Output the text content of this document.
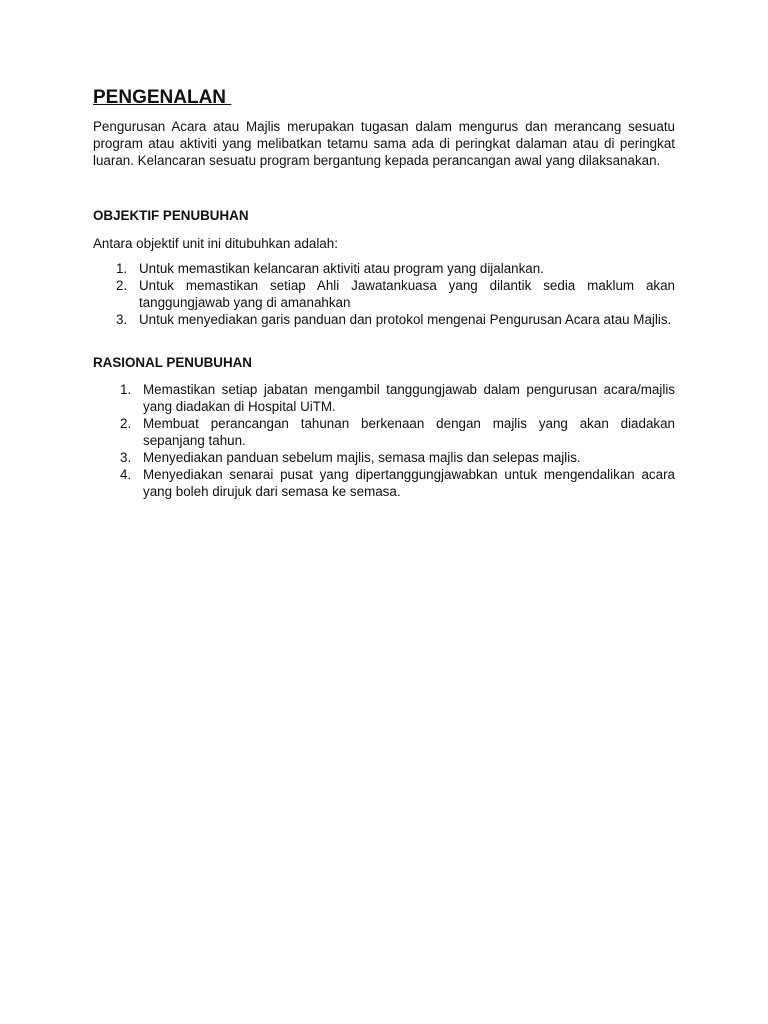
PENGENALAN

Pengurusan Acara atau Majlis merupakan tugasan dalam mengurus dan merancang sesuatu program atau aktiviti yang melibatkan tetamu sama ada di peringkat dalaman atau di peringkat luaran. Kelancaran sesuatu program bergantung kepada perancangan awal yang dilaksanakan.

OBJEKTIF PENUBUHAN
Antara objektif unit ini ditubuhkan adalah:
1. Untuk memastikan kelancaran aktiviti atau program yang dijalankan.
2. Untuk memastikan setiap Ahli Jawatankuasa yang dilantik sedia maklum akan tanggungjawab yang di amanahkan
3. Untuk menyediakan garis panduan dan protokol mengenai Pengurusan Acara atau Majlis.
RASIONAL PENUBUHAN
1. Memastikan setiap jabatan mengambil tanggungjawab dalam pengurusan acara/majlis yang diadakan di Hospital UiTM.
2. Membuat perancangan tahunan berkenaan dengan majlis yang akan diadakan sepanjang tahun.
3. Menyediakan panduan sebelum majlis, semasa majlis dan selepas majlis.
4. Menyediakan senarai pusat yang dipertanggungjawabkan untuk mengendalikan acara yang boleh dirujuk dari semasa ke semasa.
